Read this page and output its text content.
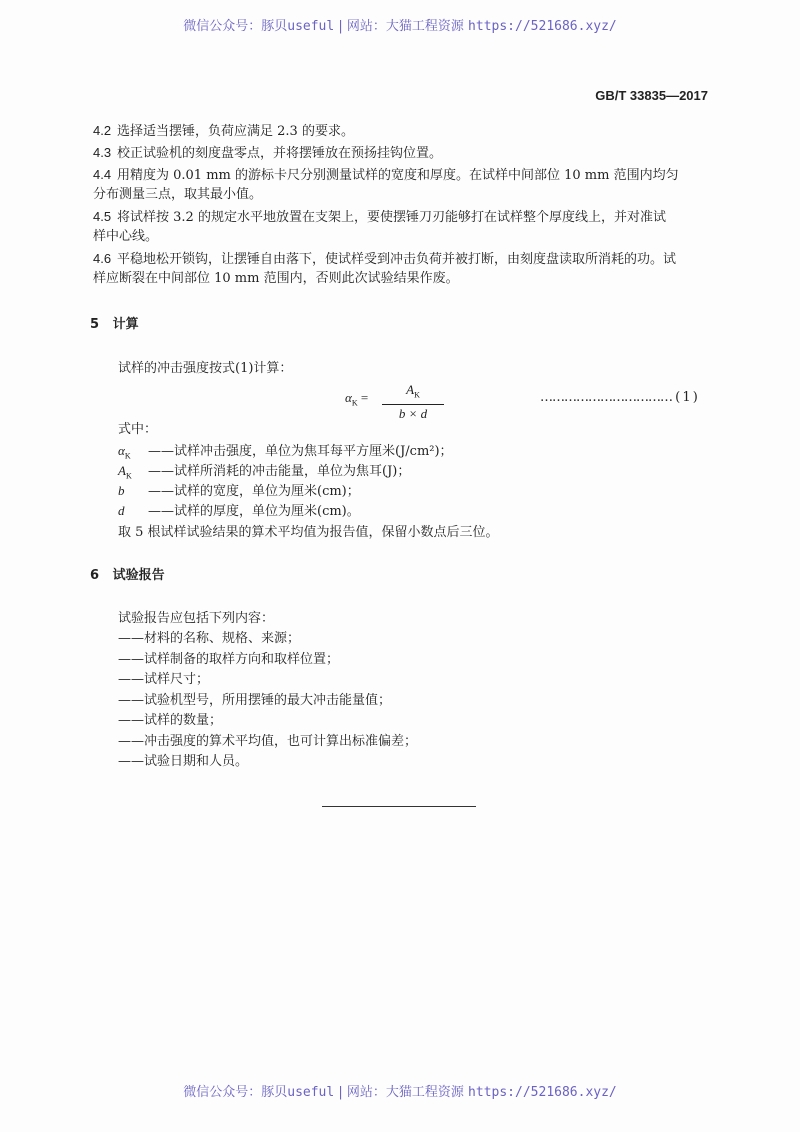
微信公众号：豚贝useful | 网站：大猫工程资源 https://521686.xyz/
GB/T 33835—2017
4.2 选择适当摆锤，负荷应满足 2.3 的要求。
4.3 校正试验机的刻度盘零点，并将摆锤放在预扬挂钩位置。
4.4 用精度为 0.01 mm 的游标卡尺分别测量试样的宽度和厚度。在试样中间部位 10 mm 范围内均匀
分布测量三点，取其最小值。
4.5 将试样按 3.2 的规定水平地放置在支架上，要使摆锤刀刃能够打在试样整个厚度线上，并对准试
样中心线。
4.6 平稳地松开锁钩，让摆锤自由落下，使试样受到冲击负荷并被打断，由刻度盘读取所消耗的功。试
样应断裂在中间部位 10 mm 范围内，否则此次试验结果作废。
5 计算
试样的冲击强度按式(1)计算：
$\alpha_K = \frac{A_K}{b \times d}$	…………………………… ( 1 )
式中：
$\alpha_K$ ——试样冲击强度，单位为焦耳每平方厘米(J/cm²)；
$A_K$ ——试样所消耗的冲击能量，单位为焦耳(J)；
b ——试样的宽度，单位为厘米(cm)；
d ——试样的厚度，单位为厘米(cm)。
取 5 根试样试验结果的算术平均值为报告值，保留小数点后三位。
6 试验报告
试验报告应包括下列内容：
——材料的名称、规格、来源；
——试样制备的取样方向和取样位置；
——试样尺寸；
——试验机型号，所用摆锤的最大冲击能量值；
——试样的数量；
——冲击强度的算术平均值，也可计算出标准偏差；
——试验日期和人员。
微信公众号：豚贝useful | 网站：大猫工程资源 https://521686.xyz/
